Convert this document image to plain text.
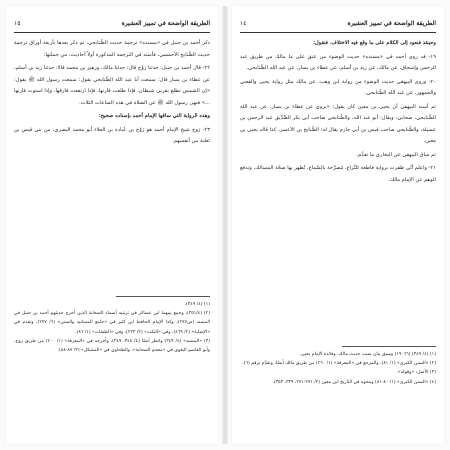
الطريقة الواضحة في تمييز العشيرة
١٤

وحينئذ فنعود إلى الكلام على ما وقع فيه الاختلاف، فنقول:

١٩- قد روى أحمد في «مسنده» حديث الوضوء من عنق على ما مالك من طريق عبد الرحمن وإسحاق، عن مالك، عن زيد بن أسلم، عن عطاء بن يسار، عن عبد الله الصُّنابحي.

٢٠- وروى البيهقي حديث الوضوء من رواية ابن وهب، عن مالك مثل رواية يحيى والقعني والجمهور، عن عبد الله الصُّنابحي.

ثم أسند البيهقي أن يحيى بن معين كان يقول: «يروي عن عطاء بن يسار، عن عبد الله الصُّنابحي، صحابي، ويقال: أبو عبد الله، والصُّنابحي صاحب أبي بكر الصِّدِّيق عبد الرحمن بن عسيلة، والصُّنابحي صاحب قيس بن أبي حازم يقال له: الصُّنابح بن الأعسر، كذا قاله يحيى بن معين.

ثم ساق البيهقي عن البخاري ما تقدَّم.

٢١- واعلم أنّي ظفرت برواية قاطعة للنِّزاع، مُصرِّحة بالسَّماع، تُظهر بها صحّة المسالك، وتدفع الوهم عن الإمام مالك.

(١) (٤/ ٣٤٩) (١٩٠٦٦) وسيق بيان سبب حديث مالك، وفائدة الإمام يحيى.

(٢) «السنن الكبرى» (١/ ٨١)، والمرجع في «المعرفة» (١/ ٢٦٠) من طريق مالك أيضًا، وتقدَّم برقم (٦).

(٣) الأصل: «وقوله».

(٤) «السنن الكبرى» (١/ ٨٠-٨١) وبنحوه في التاريخ ابن معين (٢/ ٢٧١-٢٧١، ٣٣٩، ٣٥٣).

الطريقة الواضحة في تمييز العشيرة
١٥

ذكر أحمد بن حنبل في «مسنده» ترجمة حديث الصُّنابحي، ثم ذكر بعدها بأربعة أوراق ترجمة حديث الصُّنابح الأحمسي، فأسند في الترجمة المذكورة أولاً أحاديث، من جملتها:

٢٢- قال أحمد بن حنبل: حدثنا رَوْح قال: حدثنا مالك، وزهير بن محمد قالا: حدثنا زيد بن أسلم، عن عطاء بن يسار قال: سمعت أبا عبد الله الصُّنابحي يقول: سمعت رسول الله ﷺ يقول: «إن الشمس تطلع بقرني شيطان، فإذا طلعت قارنها، فإذا ارتفعت فارقها، وإذا استوت فارنها ...» فنهى رسول الله ﷺ عن الصلاة في هذه الساعات الثلاث.

وهذه الرواية التي ساقها الإمام أحمد بإسناده صحيح:

٢٣- رَوح شيخ الإمام أحمد هو رَوْح بن عُبادة بن العلاء أبو محمد البصري، من بني قيس بن ثعلبة من أنفسهم.

(١) (٤/ ٣٤٩).

(٢) (٣٥١/٤)، وجمع بينهما ابن عساكر في ترتيبه أسماء الصحابة الذين أخرج حديثهم أحمد بن حنبل في المسند (ص٢٧٧)، وكذا الإمام الحافظ ابن كثير في «جامع المسانيد والسنن» (٦/ ٢٧٧)، وتقدم في «الإصابة» (٢/ ٤٦٩)، وفي «النكت» (٢/ ٢٢٣)، وفي «الطبقات» (١/ ٨٦).

(٣) «المسند» (٤/ ٣٤٩) وانظر أيضًا (٤/ ٣٤٨، ٣٤٩)، وأخرجه في «المعرفة» (١/ ٢٠٠) من طريق روح، وأبو القاسم البغوي في «معجم الصحابة»، والطحاوي في «المشكل» (٣/ ٨٧-٨٨).
